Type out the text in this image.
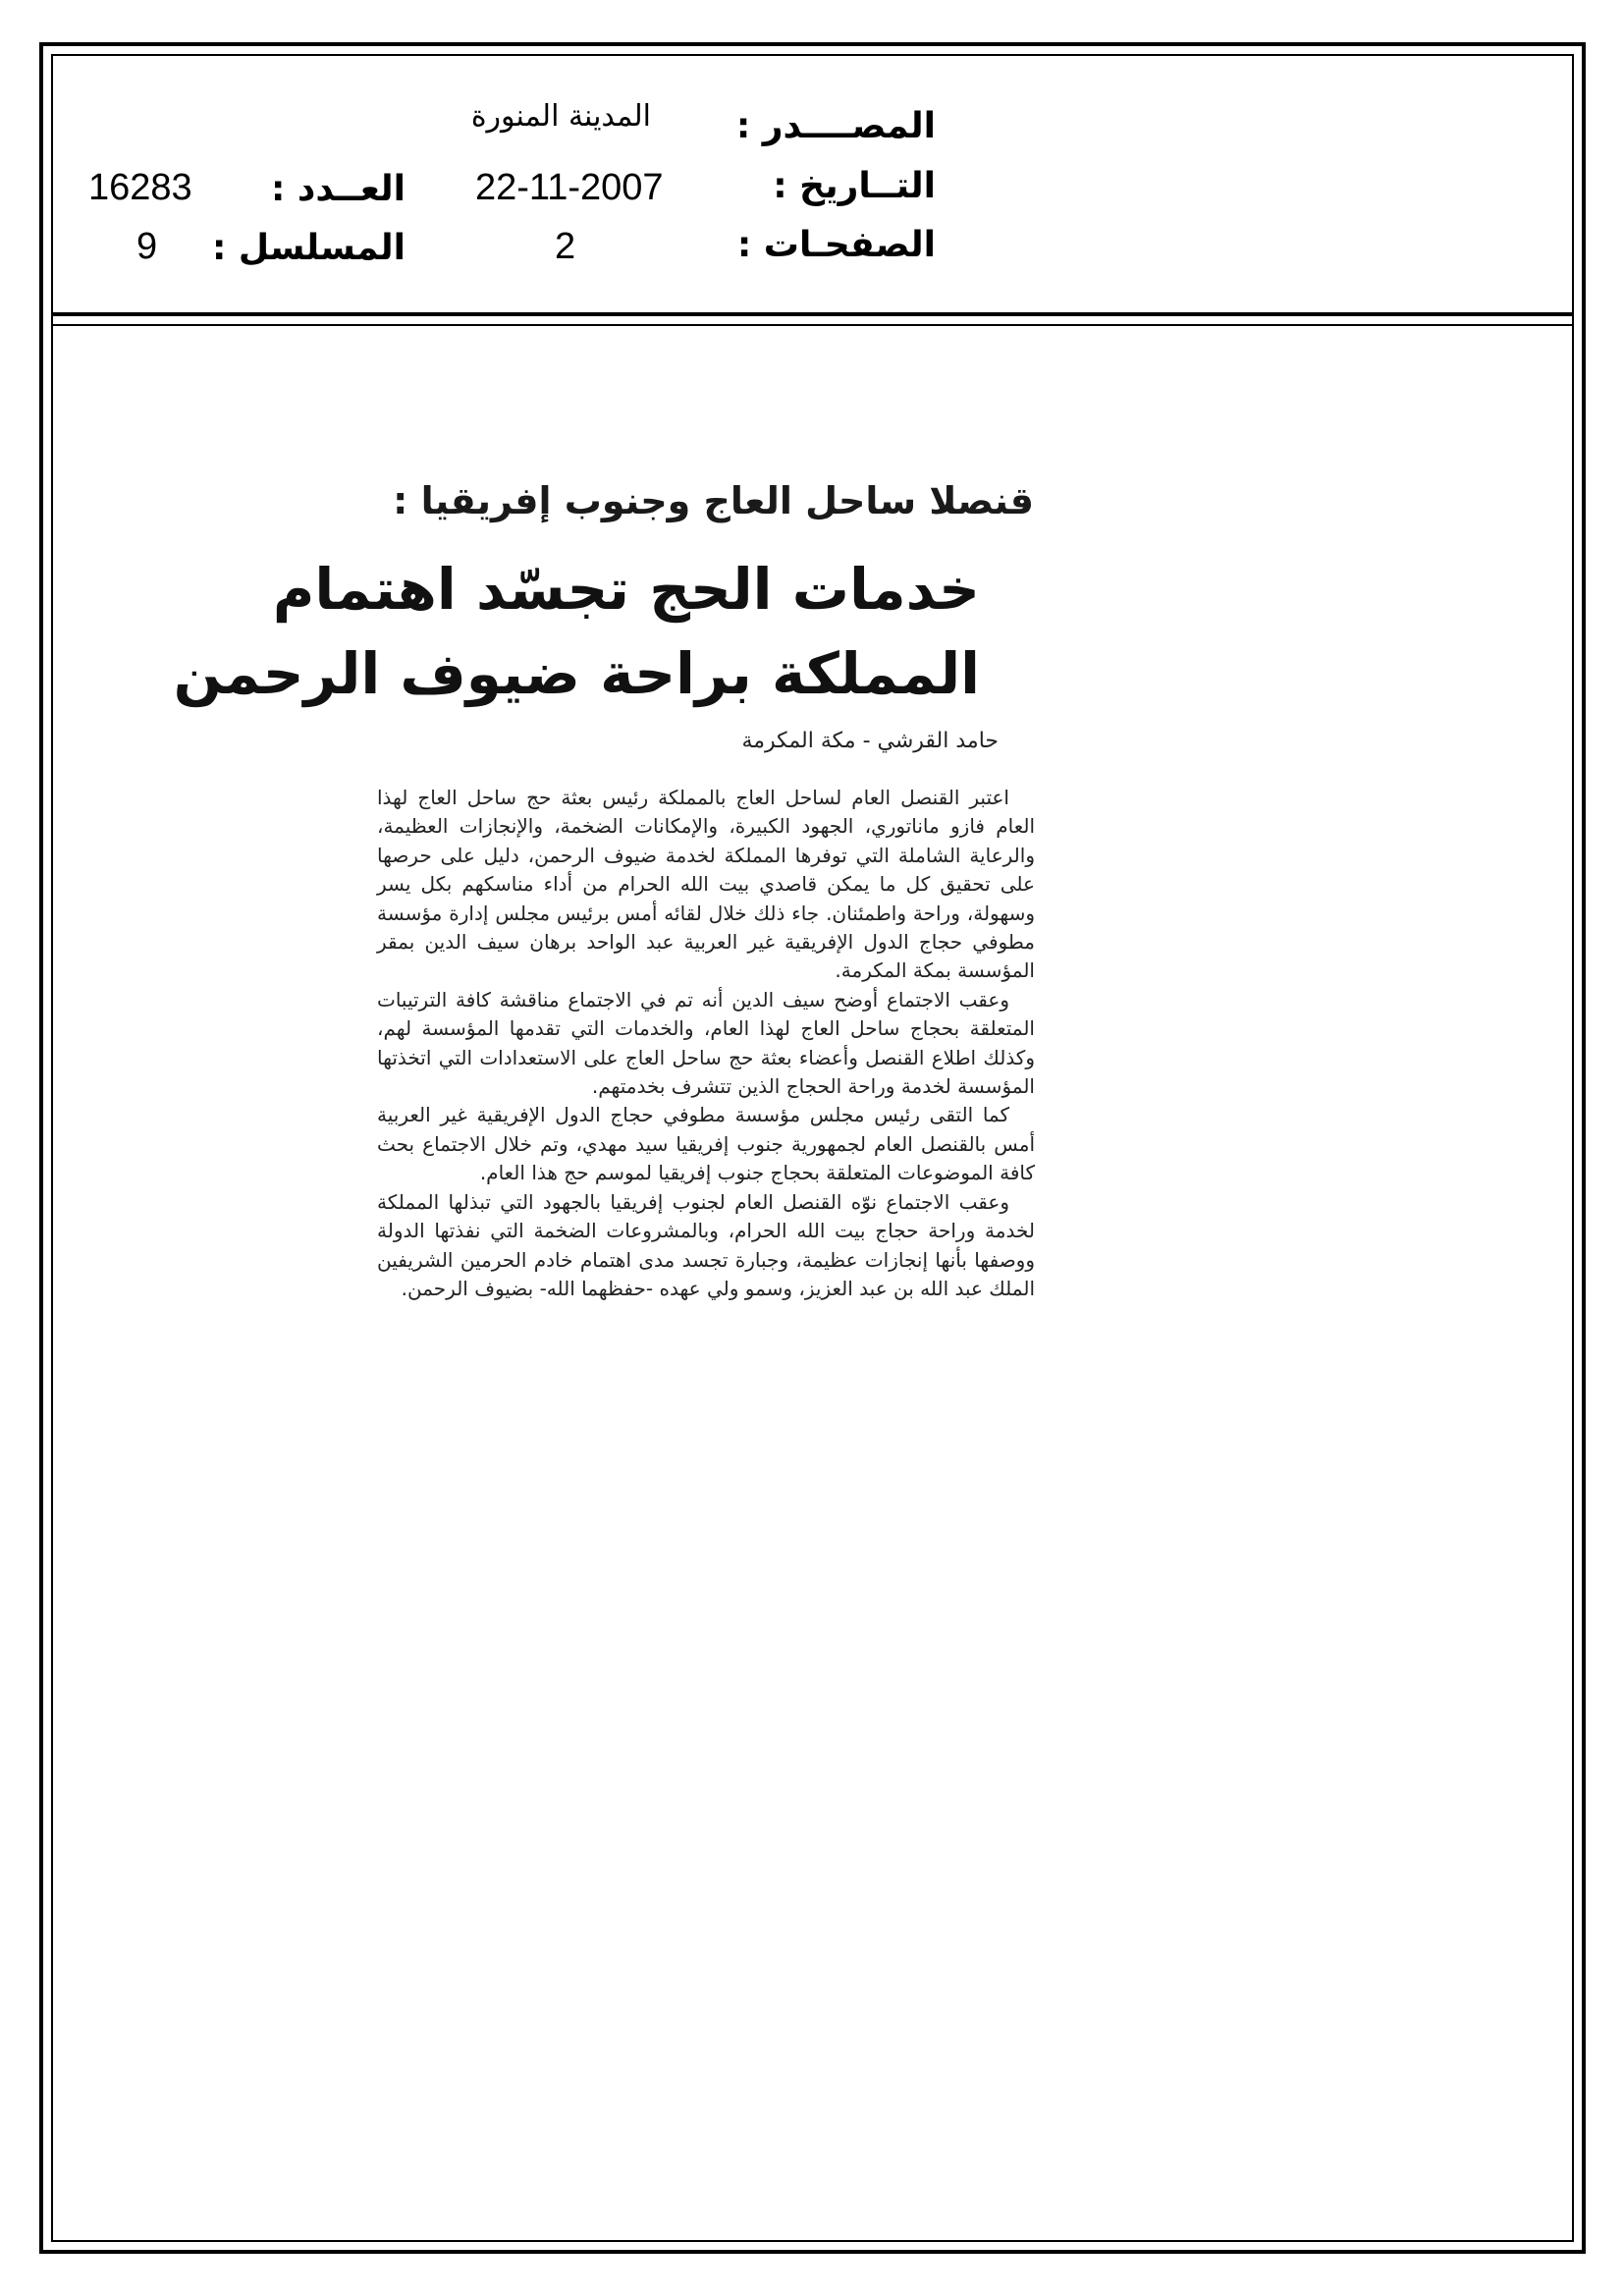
المصــــدر :
المدينة المنورة
التــاريخ :
22-11-2007
الصفحـات :
2
العــدد :
16283
المسلسل :
9
قنصلا ساحل العاج وجنوب إفريقيا :
خدمات الحج تجسّد اهتمام
المملكة براحة ضيوف الرحمن
حامد القرشي - مكة المكرمة

اعتبر القنصل العام لساحل العاج بالمملكة رئيس بعثة حج ساحل العاج لهذا العام فازو ماناتوري، الجهود الكبيرة، والإمكانات الضخمة، والإنجازات العظيمة، والرعاية الشاملة التي توفرها المملكة لخدمة ضيوف الرحمن، دليل على حرصها على تحقيق كل ما يمكن قاصدي بيت الله الحرام من أداء مناسكهم بكل يسر وسهولة، وراحة واطمئنان. جاء ذلك خلال لقائه أمس برئيس مجلس إدارة مؤسسة مطوفي حجاج الدول الإفريقية غير العربية عبد الواحد برهان سيف الدين بمقر المؤسسة بمكة المكرمة.

وعقب الاجتماع أوضح سيف الدين أنه تم في الاجتماع مناقشة كافة الترتيبات المتعلقة بحجاج ساحل العاج لهذا العام، والخدمات التي تقدمها المؤسسة لهم، وكذلك اطلاع القنصل وأعضاء بعثة حج ساحل العاج على الاستعدادات التي اتخذتها المؤسسة لخدمة وراحة الحجاج الذين تتشرف بخدمتهم.

كما التقى رئيس مجلس مؤسسة مطوفي حجاج الدول الإفريقية غير العربية أمس بالقنصل العام لجمهورية جنوب إفريقيا سيد مهدي، وتم خلال الاجتماع بحث كافة الموضوعات المتعلقة بحجاج جنوب إفريقيا لموسم حج هذا العام.

وعقب الاجتماع نوّه القنصل العام لجنوب إفريقيا بالجهود التي تبذلها المملكة لخدمة وراحة حجاج بيت الله الحرام، وبالمشروعات الضخمة التي نفذتها الدولة ووصفها بأنها إنجازات عظيمة، وجبارة تجسد مدى اهتمام خادم الحرمين الشريفين الملك عبد الله بن عبد العزيز، وسمو ولي عهده -حفظهما الله- بضيوف الرحمن.
